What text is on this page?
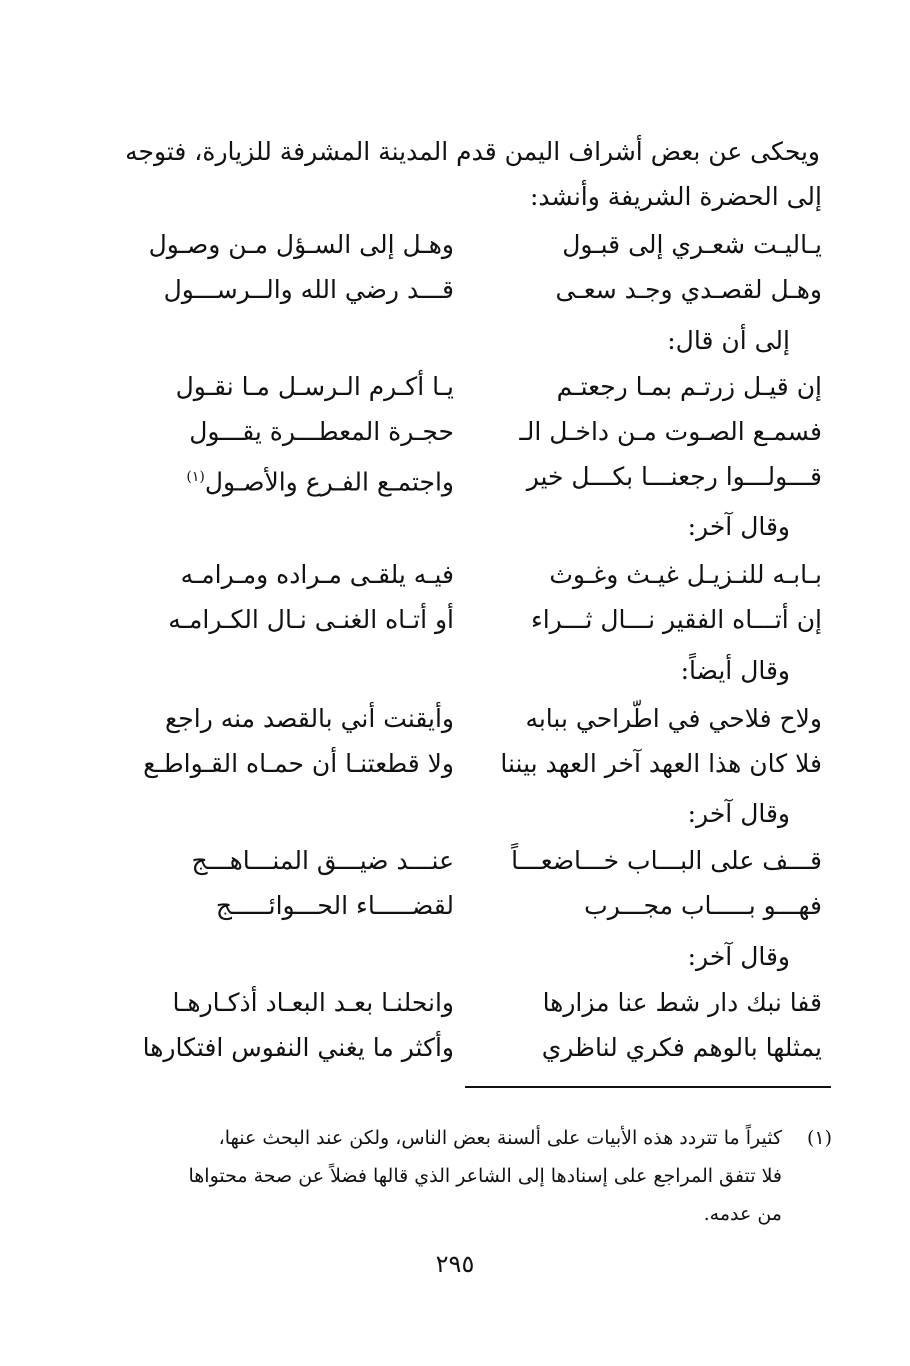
ويحكى عن بعض أشراف اليمن قدم المدينة المشرفة للزيارة، فتوجه
إلى الحضرة الشريفة وأنشد:
يـاليـت شعـري إلى قبـول
وهـل إلى السـؤل مـن وصـول
وهـل لقصـدي وجـد سعـى
قـــد رضي الله والــرســـول
إلى أن قال:
إن قيـل زرتـم بمـا رجعتـم
يـا أكـرم الـرسـل مـا نقـول
فسمـع الصـوت مـن داخـل الـ
حجـرة المعطـــرة يقـــول
قـــولـــوا رجعنـــا بكـــل خير
واجتمـع الفـرع والأصـول$^{(١)}$
وقال آخر:
بـابـه للنـزيـل غيـث وغـوث
فيـه يلقـى مـراده ومـرامـه
إن أتـــاه الفقير نـــال ثـــراء
أو أتـاه الغنـى نـال الكـرامـه
وقال أيضاً:
ولاح فلاحي في اطّراحي ببابه
وأيقنت أني بالقصد منه راجع
فلا كان هذا العهد آخر العهد بيننا
ولا قطعتنـا أن حمـاه القـواطـع
وقال آخر:
قـــف على البـــاب خـــاضعـــاً
عنـــد ضيـــق المنـــاهـــج
فهـــو بـــــاب مجـــرب
لقضـــــاء الحـــوائـــــج
وقال آخر:
قفا نبك دار شط عنا مزارها
وانحلنـا بعـد البعـاد أذكـارهـا
يمثلها بالوهم فكري لناظري
وأكثر ما يغني النفوس افتكارها
(١)
كثيراً ما تتردد هذه الأبيات على ألسنة بعض الناس، ولكن عند البحث عنها،
فلا تتفق المراجع على إسنادها إلى الشاعر الذي قالها فضلاً عن صحة محتواها
من عدمه.
٢٩٥
